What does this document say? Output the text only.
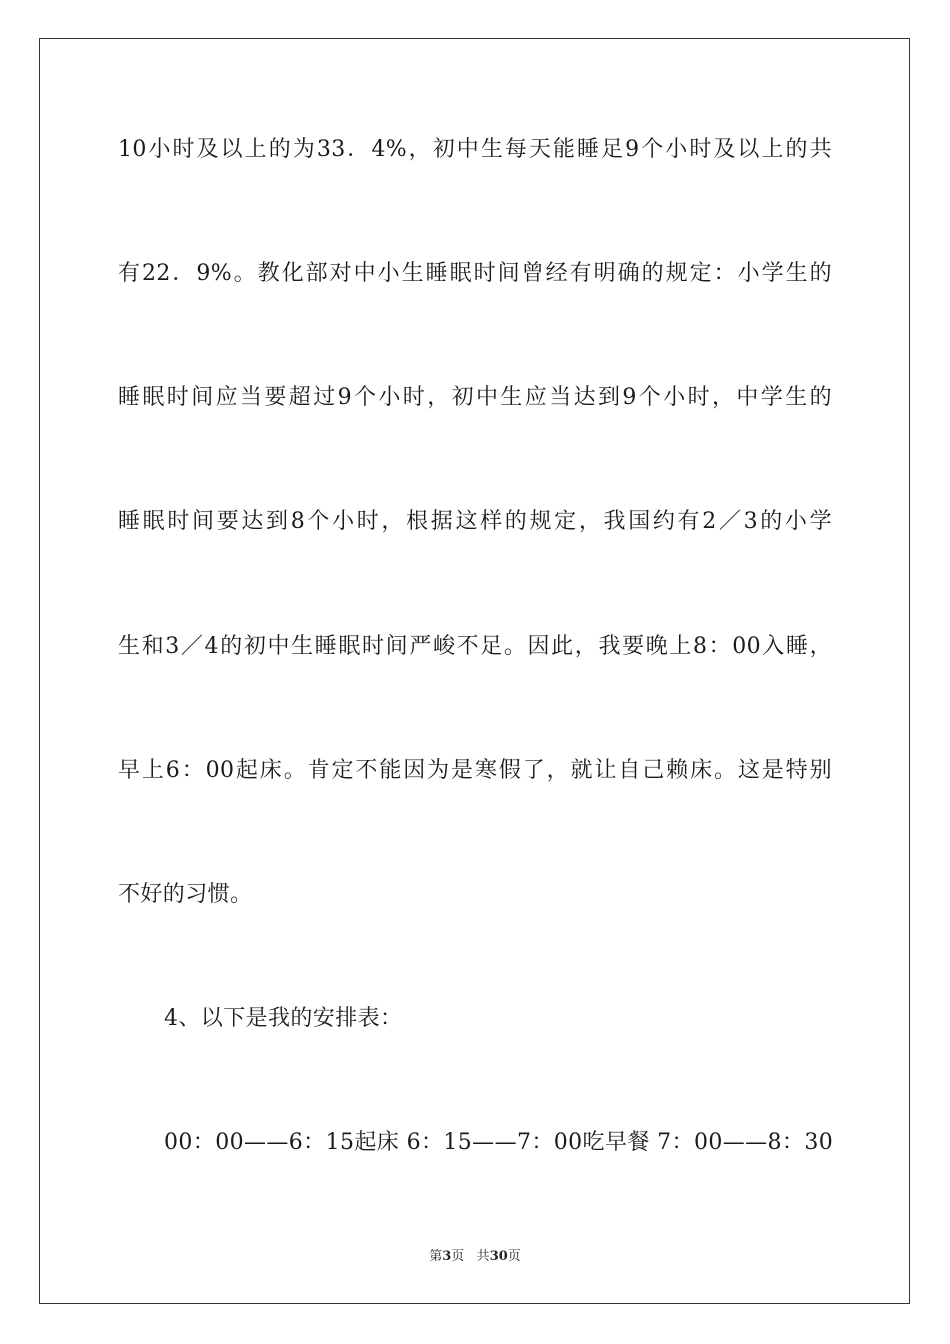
10小时及以上的为33．4%，初中生每天能睡足9个小时及以上的共
有22．9%。教化部对中小生睡眠时间曾经有明确的规定：小学生的
睡眠时间应当要超过9个小时，初中生应当达到9个小时，中学生的
睡眠时间要达到8个小时，根据这样的规定，我国约有2／3的小学
生和3／4的初中生睡眠时间严峻不足。因此，我要晚上8：00入睡，
早上6：00起床。肯定不能因为是寒假了，就让自己赖床。这是特别
不好的习惯。
4、以下是我的安排表：
00：00——6：15起床 6：15——7：00吃早餐 7：00——8：30
第3页 共30页
